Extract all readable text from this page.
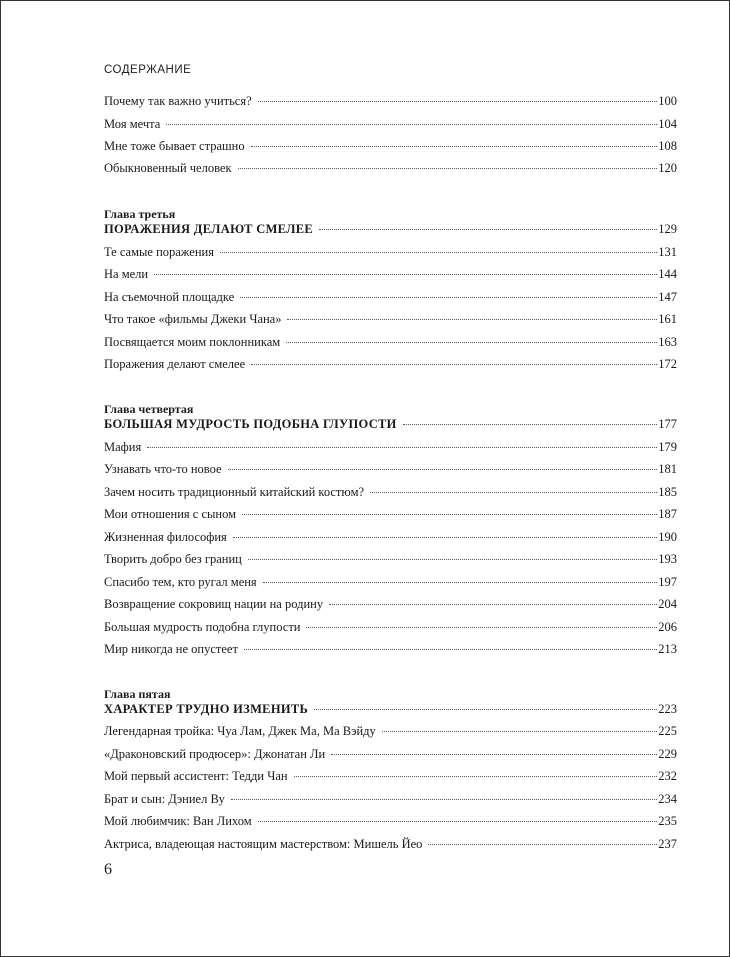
СОДЕРЖАНИЕ
Почему так важно учиться?	100
Моя мечта	104
Мне тоже бывает страшно	108
Обыкновенный человек	120
Глава третья
ПОРАЖЕНИЯ ДЕЛАЮТ СМЕЛЕЕ	129
Те самые поражения	131
На мели	144
На съемочной площадке	147
Что такое «фильмы Джеки Чана»	161
Посвящается моим поклонникам	163
Поражения делают смелее	172
Глава четвертая
БОЛЬШАЯ МУДРОСТЬ ПОДОБНА ГЛУПОСТИ	177
Мафия	179
Узнавать что-то новое	181
Зачем носить традиционный китайский костюм?	185
Мои отношения с сыном	187
Жизненная философия	190
Творить добро без границ	193
Спасибо тем, кто ругал меня	197
Возвращение сокровищ нации на родину	204
Большая мудрость подобна глупости	206
Мир никогда не опустеет	213
Глава пятая
ХАРАКТЕР ТРУДНО ИЗМЕНИТЬ	223
Легендарная тройка: Чуа Лам, Джек Ма, Ма Вэйду	225
«Драконовский продюсер»: Джонатан Ли	229
Мой первый ассистент: Тедди Чан	232
Брат и сын: Дэниел Ву	234
Мой любимчик: Ван Лихом	235
Актриса, владеющая настоящим мастерством: Мишель Йео	237
6
